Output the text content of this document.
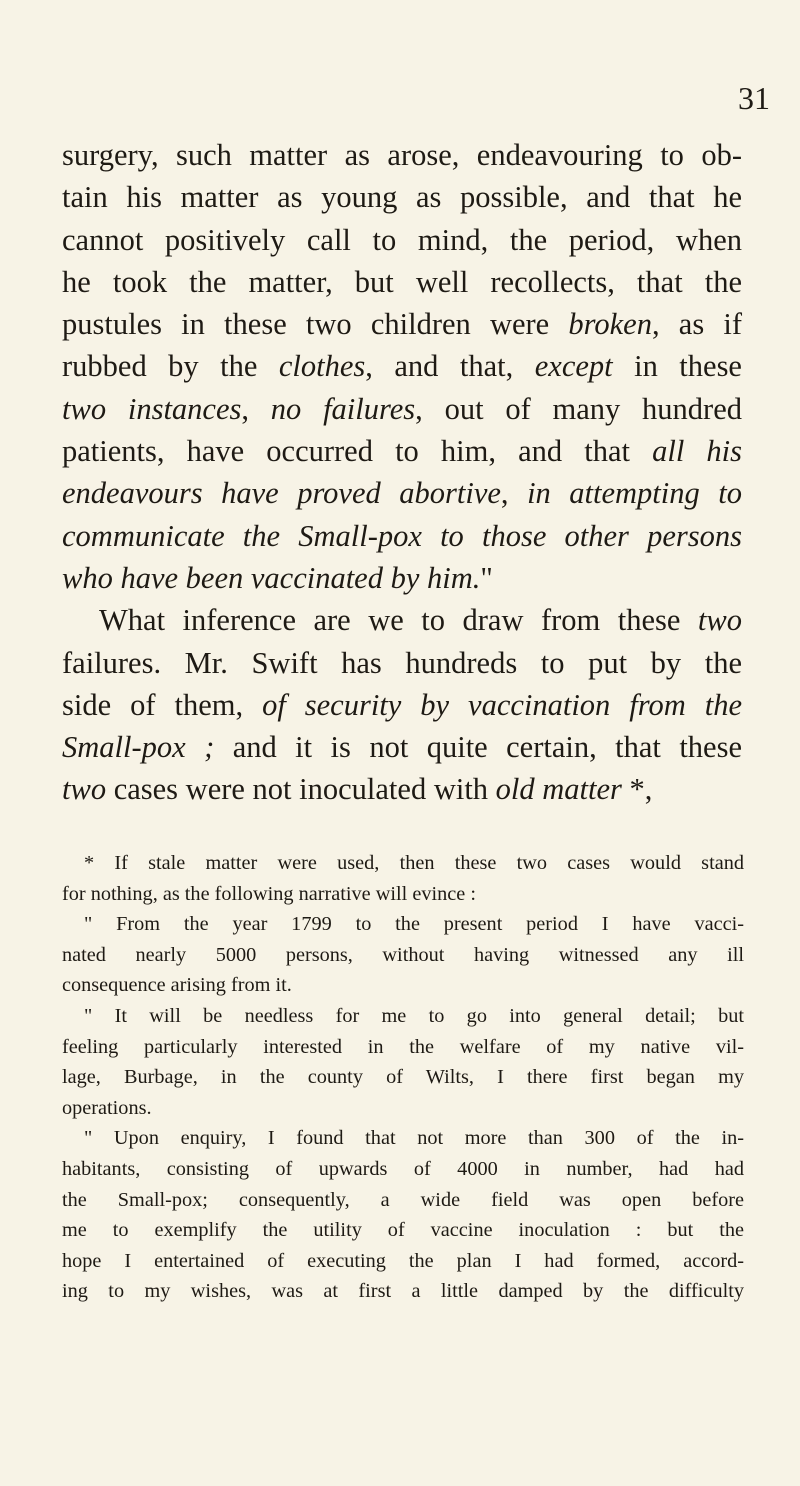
31
surgery, such matter as arose, endeavouring to ob-
tain his matter as young as possible, and that he
cannot positively call to mind, the period, when
he took the matter, but well recollects, that the
pustules in these two children were broken, as if
rubbed by the clothes, and that, except in these
two instances, no failures, out of many hundred
patients, have occurred to him, and that all his
endeavours have proved abortive, in attempting to
communicate the Small-pox to those other persons
who have been vaccinated by him."
What inference are we to draw from these two
failures. Mr. Swift has hundreds to put by the
side of them, of security by vaccination from the
Small-pox ; and it is not quite certain, that these
two cases were not inoculated with old matter *,
* If stale matter were used, then these two cases would stand
for nothing, as the following narrative will evince :
" From the year 1799 to the present period I have vacci-
nated nearly 5000 persons, without having witnessed any ill
consequence arising from it.
" It will be needless for me to go into general detail; but
feeling particularly interested in the welfare of my native vil-
lage, Burbage, in the county of Wilts, I there first began my
operations.
" Upon enquiry, I found that not more than 300 of the in-
habitants, consisting of upwards of 4000 in number, had had
the Small-pox; consequently, a wide field was open before
me to exemplify the utility of vaccine inoculation : but the
hope I entertained of executing the plan I had formed, accord-
ing to my wishes, was at first a little damped by the difficulty
